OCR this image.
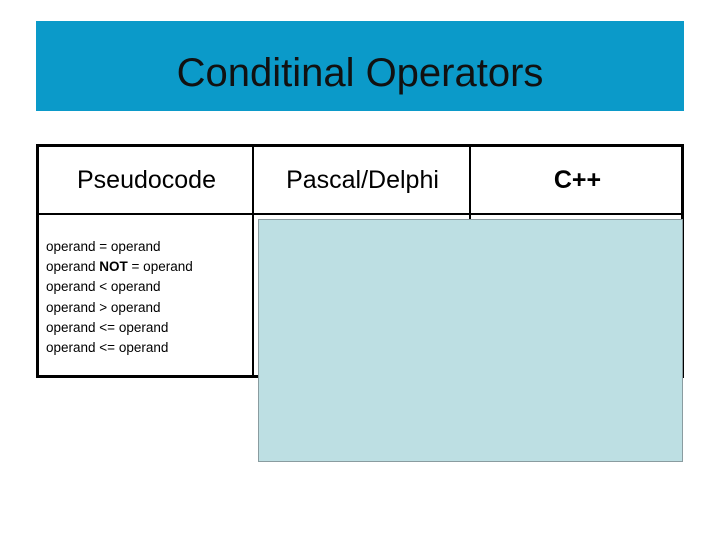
Conditinal Operators
Pseudocode	Pascal/Delphi	C++
operand = operand
operand NOT = operand
operand < operand
operand > operand
operand <= operand
operand <= operand
